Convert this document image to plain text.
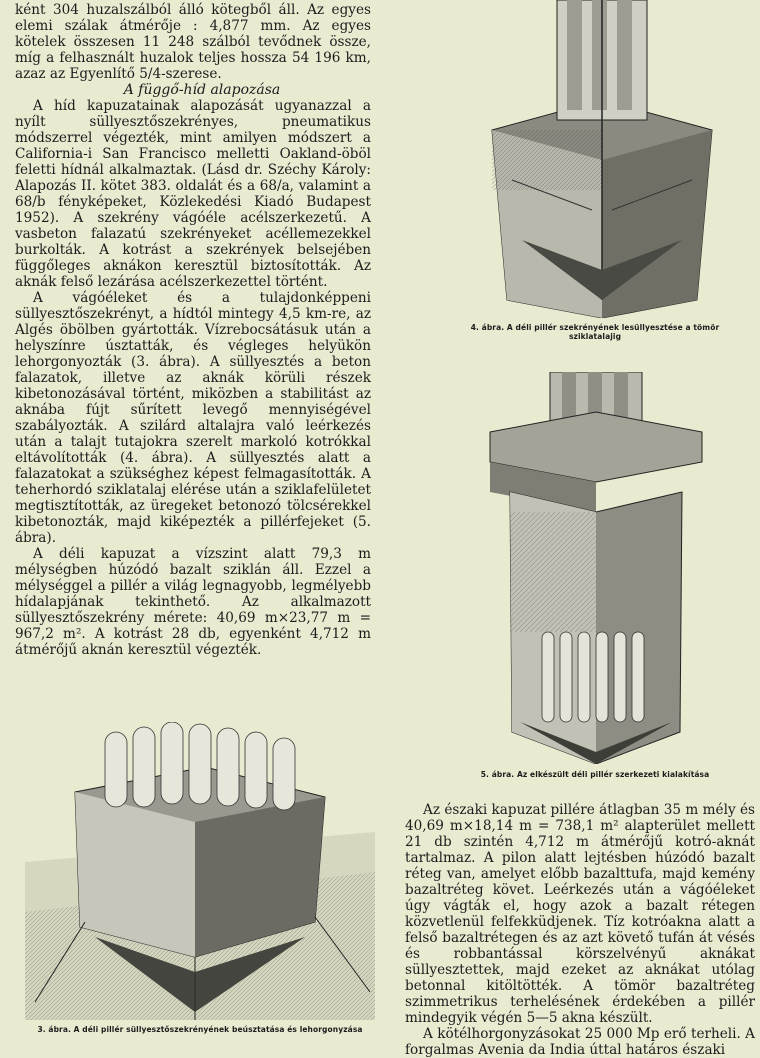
ként 304 huzalszálból álló kötegből áll. Az egyes elemi szálak átmérője : 4,877 mm. Az egyes kötelek összesen 11 248 szálból tevődnek össze, míg a felhasznált huzalok teljes hossza 54 196 km, azaz az Egyenlítő 5/4-szerese.

A függő-híd alapozása

A híd kapuzatainak alapozását ugyanazzal a nyílt süllyesztőszekrényes, pneumatikus módszerrel végezték, mint amilyen módszert a California-i San Francisco melletti Oakland-öböl feletti hídnál alkalmaztak. (Lásd dr. Széchy Károly: Alapozás II. kötet 383. oldalát és a 68/a, valamint a 68/b fényképeket, Közlekedési Kiadó Budapest 1952). A szekrény vágóéle acélszerkezetű. A vasbeton falazatú szekrényeket acéllemezekkel burkolták. A kotrást a szekrények belsejében függőleges aknákon keresztül biztosították. Az aknák felső lezárása acélszerkezettel történt.

A vágóéleket és a tulajdonképpeni süllyesztőszekrényt, a hídtól mintegy 4,5 km-re, az Algés öbölben gyártották. Vízrebocsátásuk után a helyszínre úsztatták, és végleges helyükön lehorgonyozták (3. ábra). A süllyesztés a beton falazatok, illetve az aknák körüli részek kibetonozásával történt, miközben a stabilitást az aknába fújt sűrített levegő mennyiségével szabályozták. A szilárd altalajra való leérkezés után a talajt tutajokra szerelt markoló kotrókkal eltávolították (4. ábra). A süllyesztés alatt a falazatokat a szükséghez képest felmagasították. A teherhordó sziklatalaj elérése után a sziklafelületet megtisztították, az üregeket betonozó tölcsérekkel kibetonozták, majd kiképezték a pillérfejeket (5. ábra).

A déli kapuzat a vízszint alatt 79,3 m mélységben húzódó bazalt sziklán áll. Ezzel a mélységgel a pillér a világ legnagyobb, legmélyebb hídalapjának tekinthető. Az alkalmazott süllyesztőszekrény mérete: 40,69 m×23,77 m = 967,2 m². A kotrást 28 db, egyenként 4,712 m átmérőjű aknán keresztül végezték.

4. ábra. A déli pillér szekrényének lesüllyesztése a tömör sziklatalajig
5. ábra. Az elkészült déli pillér szerkezeti kialakítása
3. ábra. A déli pillér süllyesztőszekrényének beúsztatása és lehorgonyzása

Az északi kapuzat pillére átlagban 35 m mély és 40,69 m×18,14 m = 738,1 m² alapterület mellett 21 db szintén 4,712 m átmérőjű kotró-aknát tartalmaz. A pilon alatt lejtésben húzódó bazalt réteg van, amelyet előbb bazalttufa, majd kemény bazaltréteg követ. Leérkezés után a vágóéleket úgy vágták el, hogy azok a bazalt rétegen közvetlenül felfekküdjenek. Tíz kotróakna alatt a felső bazaltrétegen és az azt követő tufán át vésés és robbantással körszelvényű aknákat süllyesztettek, majd ezeket az aknákat utólag betonnal kitöltötték. A tömör bazaltréteg szimmetrikus terhelésének érdekében a pillér mindegyik végén 5—5 akna készült.

A kötélhorgonyzásokat 25 000 Mp erő terheli. A forgalmas Avenia da India úttal határos északi
